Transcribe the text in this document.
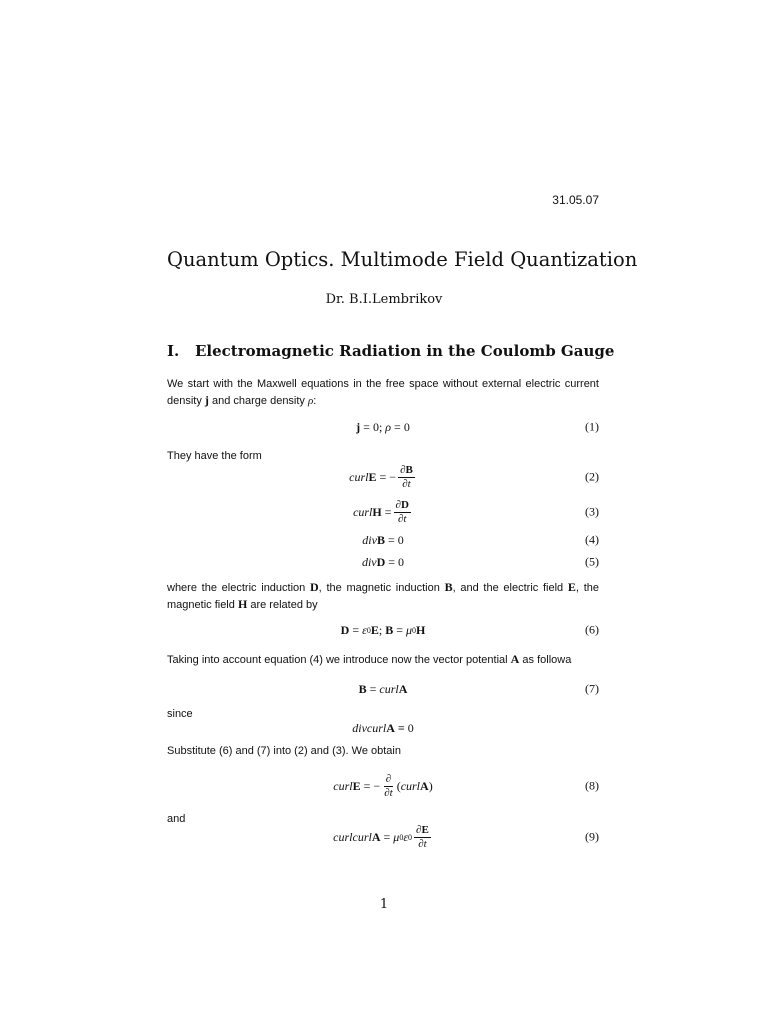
31.05.07
Quantum Optics. Multimode Field Quantization
Dr. B.I.Lembrikov
I. Electromagnetic Radiation in the Coulomb Gauge
We start with the Maxwell equations in the free space without external electric current density j and charge density ρ:
j = 0; ρ = 0	(1)
They have the form
curl E = − $\frac{\partial B}{\partial t}$	(2)
curl $H = \frac{\partial D}{\partial t}$	(3)
div B = 0	(4)
div D = 0	(5)
where the electric induction D, the magnetic induction B, and the electric field E, the magnetic field H are related by
D = ε 0 E ; B = μ 0 H	(6)
Taking into account equation (4) we introduce now the vector potential A as followa
B = curl A	(7)
since
divcurl A ≡ 0
Substitute (6) and (7) into (2) and (3). We obtain
curl E = − $\frac{\partial}{\partial t}$ ( curl A )	(8)
and
curlcurl A = μ 0 ε $0 \frac{\partial E}{\partial t}$	(9)
1
